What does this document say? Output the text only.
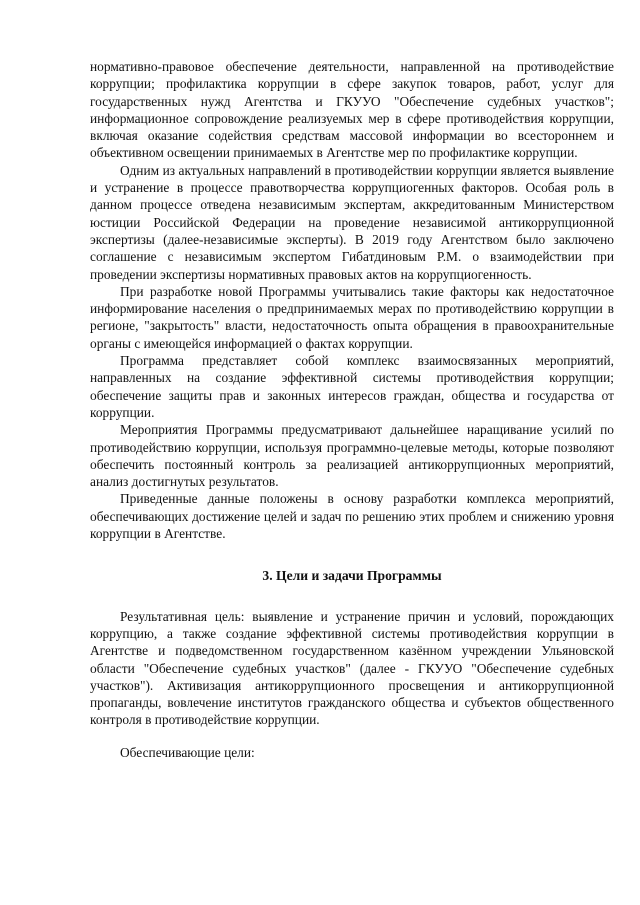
нормативно-правовое обеспечение деятельности, направленной на противодействие коррупции; профилактика коррупции в сфере закупок товаров, работ, услуг для государственных нужд Агентства и ГКУУО "Обеспечение судебных участков"; информационное сопровождение реализуемых мер в сфере противодействия коррупции, включая оказание содействия средствам массовой информации во всестороннем и объективном освещении принимаемых в Агентстве мер по профилактике коррупции.

Одним из актуальных направлений в противодействии коррупции является выявление и устранение в процессе правотворчества коррупциогенных факторов. Особая роль в данном процессе отведена независимым экспертам, аккредитованным Министерством юстиции Российской Федерации на проведение независимой антикоррупционной экспертизы (далее-независимые эксперты). В 2019 году Агентством было заключено соглашение с независимым экспертом Гибатдиновым Р.М. о взаимодействии при проведении экспертизы нормативных правовых актов на коррупциогенность.

При разработке новой Программы учитывались такие факторы как недостаточное информирование населения о предпринимаемых мерах по противодействию коррупции в регионе, "закрытость" власти, недостаточность опыта обращения в правоохранительные органы с имеющейся информацией о фактах коррупции.

Программа представляет собой комплекс взаимосвязанных мероприятий, направленных на создание эффективной системы противодействия коррупции; обеспечение защиты прав и законных интересов граждан, общества и государства от коррупции.

Мероприятия Программы предусматривают дальнейшее наращивание усилий по противодействию коррупции, используя программно-целевые методы, которые позволяют обеспечить постоянный контроль за реализацией антикоррупционных мероприятий, анализ достигнутых результатов.

Приведенные данные положены в основу разработки комплекса мероприятий, обеспечивающих достижение целей и задач по решению этих проблем и снижению уровня коррупции в Агентстве.

3. Цели и задачи Программы

Результативная цель: выявление и устранение причин и условий, порождающих коррупцию, а также создание эффективной системы противодействия коррупции в Агентстве и подведомственном государственном казённом учреждении Ульяновской области "Обеспечение судебных участков" (далее - ГКУУО "Обеспечение судебных участков"). Активизация антикоррупционного просвещения и антикоррупционной пропаганды, вовлечение институтов гражданского общества и субъектов общественного контроля в противодействие коррупции.

Обеспечивающие цели:
